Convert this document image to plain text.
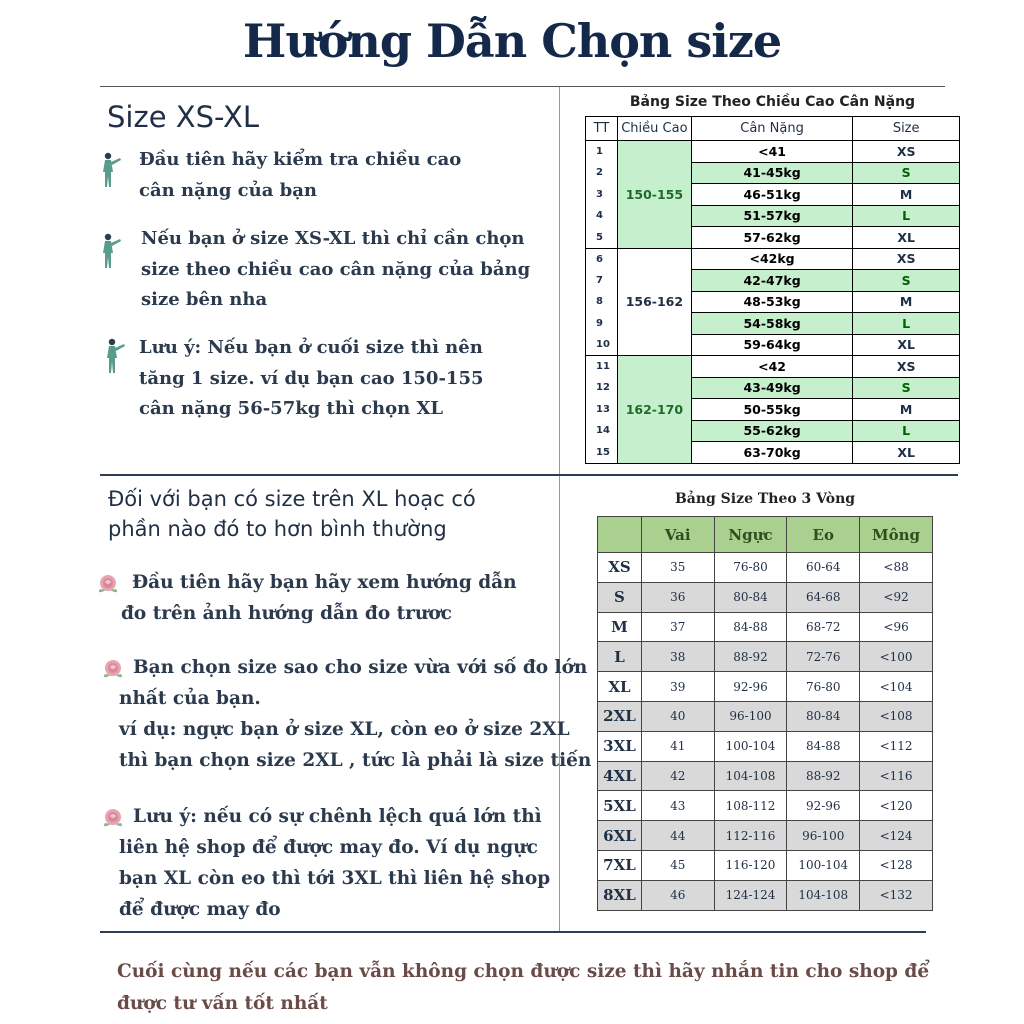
Hướng Dẫn Chọn size
Size XS-XL
Đầu tiên hãy kiểm tra chiều cao
cân nặng của bạn
Nếu bạn ở size XS-XL thì chỉ cần chọn
size theo chiều cao cân nặng của bảng
size bên nha
Lưu ý: Nếu bạn ở cuối size thì nên
tăng 1 size. ví dụ bạn cao 150-155
cân nặng 56-57kg thì chọn XL
Bảng Size Theo Chiều Cao Cân Nặng
TT	Chiều Cao	Cân Nặng	Size
1	150-155	<41	XS
2		41-45kg	S
3		46-51kg	M
4		51-57kg	L
5		57-62kg	XL
6	156-162	<42kg	XS
7		42-47kg	S
8		48-53kg	M
9		54-58kg	L
10		59-64kg	XL
11	162-170	<42	XS
12		43-49kg	S
13		50-55kg	M
14		55-62kg	L
15		63-70kg	XL
Đối với bạn có size trên XL hoạc có
phần nào đó to hơn bình thường
Đầu tiên hãy bạn hãy xem hướng dẫn
đo trên ảnh hướng dẫn đo trươc
Bạn chọn size sao cho size vừa với số đo lớn
nhất của bạn.
ví dụ: ngực bạn ở size XL, còn eo ở size 2XL
thì bạn chọn size 2XL , tức là phải là size tiến
Lưu ý: nếu có sự chênh lệch quá lớn thì
liên hệ shop để được may đo. Ví dụ ngực
bạn XL còn eo thì tới 3XL thì liên hệ shop
để được may đo
Bảng Size Theo 3 Vòng
	Vai	Ngực	Eo	Mông
XS	35	76-80	60-64	<88
S	36	80-84	64-68	<92
M	37	84-88	68-72	<96
L	38	88-92	72-76	<100
XL	39	92-96	76-80	<104
2XL	40	96-100	80-84	<108
3XL	41	100-104	84-88	<112
4XL	42	104-108	88-92	<116
5XL	43	108-112	92-96	<120
6XL	44	112-116	96-100	<124
7XL	45	116-120	100-104	<128
8XL	46	124-124	104-108	<132
Cuối cùng nếu các bạn vẫn không chọn được size thì hãy nhắn tin cho shop để
được tư vấn tốt nhất
